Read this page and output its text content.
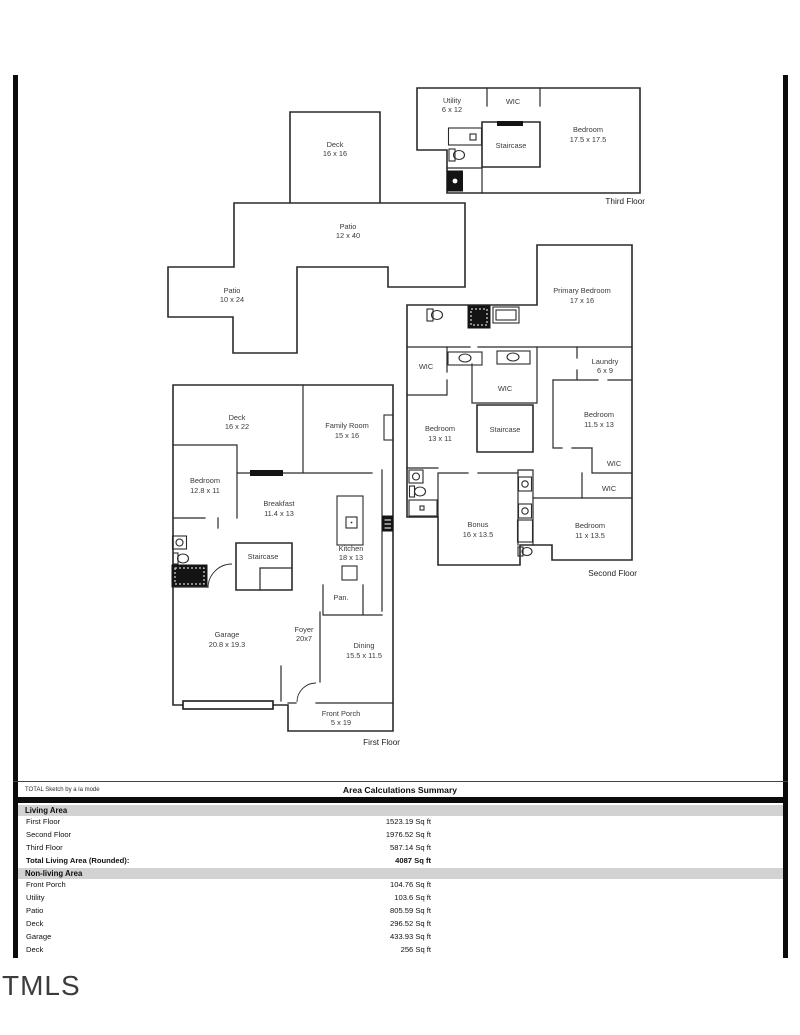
Utility
6 x 12
WIC
Staircase
Bedroom
17.5 x 17.5
Third Floor
Deck
16 x 16
Patio
12 x 40
Patio
10 x 24
Primary Bedroom
17 x 16
WIC
WIC
Laundry
6 x 9
Bedroom
13 x 11
Staircase
Bedroom
11.5 x 13
WIC
WIC
Bonus
16 x 13.5
Bedroom
11 x 13.5
Second Floor
Deck
16 x 22	Family Room
15 x 16
Bedroom
12.8 x 11
Breakfast
11.4 x 13
Staircase
Kitchen
18 x 13
Pan.
Foyer
20x7
Garage
20.8 x 19.3	Dining
15.5 x 11.5
Front Porch
5 x 19
First Floor
TOTAL Sketch by a la mode	Area Calculations Summary
Living Area
First Floor	1523.19 Sq ft
Second Floor	1976.52 Sq ft
Third Floor	587.14 Sq ft
Total Living Area (Rounded):	4087 Sq ft
Non-living Area
Front Porch	104.76 Sq ft
Utility	103.6 Sq ft
Patio	805.59 Sq ft
Deck	296.52 Sq ft
Garage	433.93 Sq ft
Deck	256 Sq ft
TMLS
